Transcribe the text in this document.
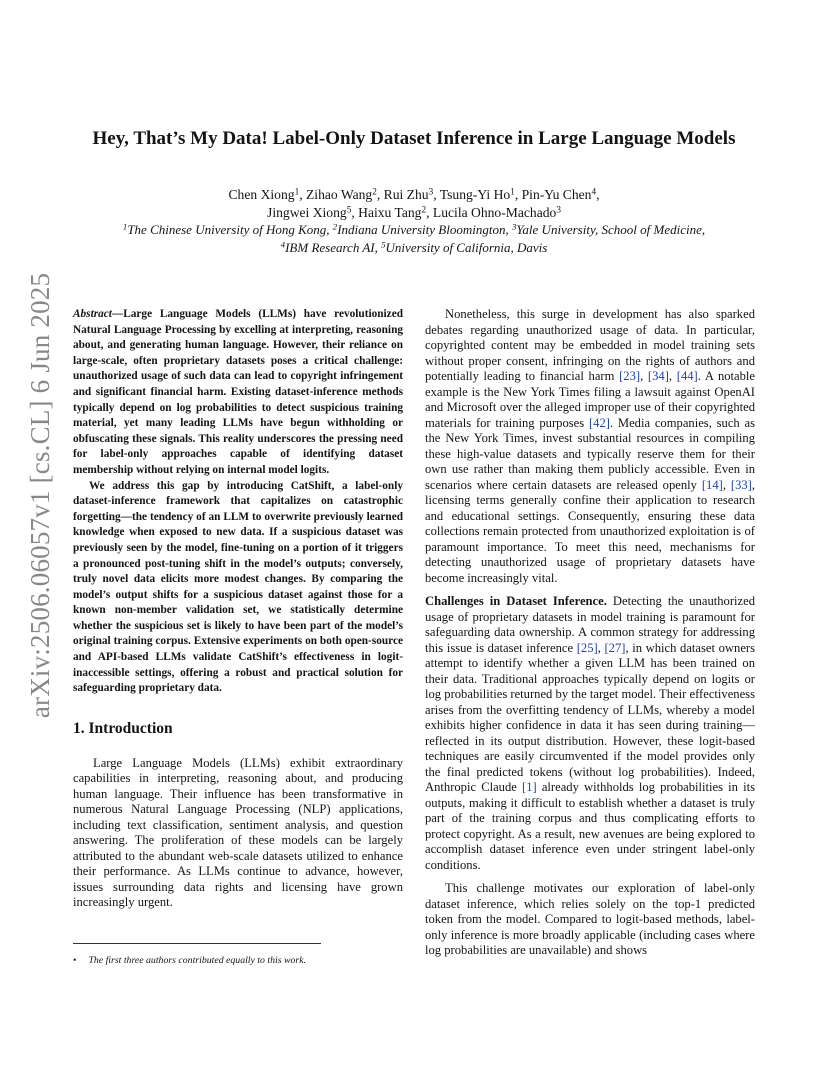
arXiv:2506.06057v1 [cs.CL] 6 Jun 2025
Hey, That’s My Data! Label-Only Dataset Inference in Large Language Models
Chen Xiong$^1$, Zihao Wang$^2$, Rui Zhu$^3$, Tsung-Yi Ho$^1$, Pin-Yu Chen$^4$,
Jingwei Xiong$^5$, Haixu Tang$^2$, Lucila Ohno-Machado$^3$
$^1$The Chinese University of Hong Kong, $^2$Indiana University Bloomington, $^3$Yale University, School of Medicine,
$^4$IBM Research AI, $^5$University of California, Davis

Abstract—Large Language Models (LLMs) have revolutionized Natural Language Processing by excelling at interpreting, reasoning about, and generating human language. However, their reliance on large-scale, often proprietary datasets poses a critical challenge: unauthorized usage of such data can lead to copyright infringement and significant financial harm. Existing dataset-inference methods typically depend on log probabilities to detect suspicious training material, yet many leading LLMs have begun withholding or obfuscating these signals. This reality underscores the pressing need for label-only approaches capable of identifying dataset membership without relying on internal model logits.

We address this gap by introducing CatShift, a label-only dataset-inference framework that capitalizes on catastrophic forgetting—the tendency of an LLM to overwrite previously learned knowledge when exposed to new data. If a suspicious dataset was previously seen by the model, fine-tuning on a portion of it triggers a pronounced post-tuning shift in the model’s outputs; conversely, truly novel data elicits more modest changes. By comparing the model’s output shifts for a suspicious dataset against those for a known non-member validation set, we statistically determine whether the suspicious set is likely to have been part of the model’s original training corpus. Extensive experiments on both open-source and API-based LLMs validate CatShift’s effectiveness in logit-inaccessible settings, offering a robust and practical solution for safeguarding proprietary data.

1. Introduction

Large Language Models (LLMs) exhibit extraordinary capabilities in interpreting, reasoning about, and producing human language. Their influence has been transformative in numerous Natural Language Processing (NLP) applications, including text classification, sentiment analysis, and question answering. The proliferation of these models can be largely attributed to the abundant web-scale datasets utilized to enhance their performance. As LLMs continue to advance, however, issues surrounding data rights and licensing have grown increasingly urgent.

• The first three authors contributed equally to this work.

Nonetheless, this surge in development has also sparked debates regarding unauthorized usage of data. In particular, copyrighted content may be embedded in model training sets without proper consent, infringing on the rights of authors and potentially leading to financial harm [23], [34], [44]. A notable example is the New York Times filing a lawsuit against OpenAI and Microsoft over the alleged improper use of their copyrighted materials for training purposes [42]. Media companies, such as the New York Times, invest substantial resources in compiling these high-value datasets and typically reserve them for their own use rather than making them publicly accessible. Even in scenarios where certain datasets are released openly [14], [33], licensing terms generally confine their application to research and educational settings. Consequently, ensuring these data collections remain protected from unauthorized exploitation is of paramount importance. To meet this need, mechanisms for detecting unauthorized usage of proprietary datasets have become increasingly vital.

Challenges in Dataset Inference. Detecting the unauthorized usage of proprietary datasets in model training is paramount for safeguarding data ownership. A common strategy for addressing this issue is dataset inference [25], [27], in which dataset owners attempt to identify whether a given LLM has been trained on their data. Traditional approaches typically depend on logits or log probabilities returned by the target model. Their effectiveness arises from the overfitting tendency of LLMs, whereby a model exhibits higher confidence in data it has seen during training—reflected in its output distribution. However, these logit-based techniques are easily circumvented if the model provides only the final predicted tokens (without log probabilities). Indeed, Anthropic Claude [1] already withholds log probabilities in its outputs, making it difficult to establish whether a dataset is truly part of the training corpus and thus complicating efforts to protect copyright. As a result, new avenues are being explored to accomplish dataset inference even under stringent label-only conditions.

This challenge motivates our exploration of label-only dataset inference, which relies solely on the top-1 predicted token from the model. Compared to logit-based methods, label-only inference is more broadly applicable (including cases where log probabilities are unavailable) and shows
